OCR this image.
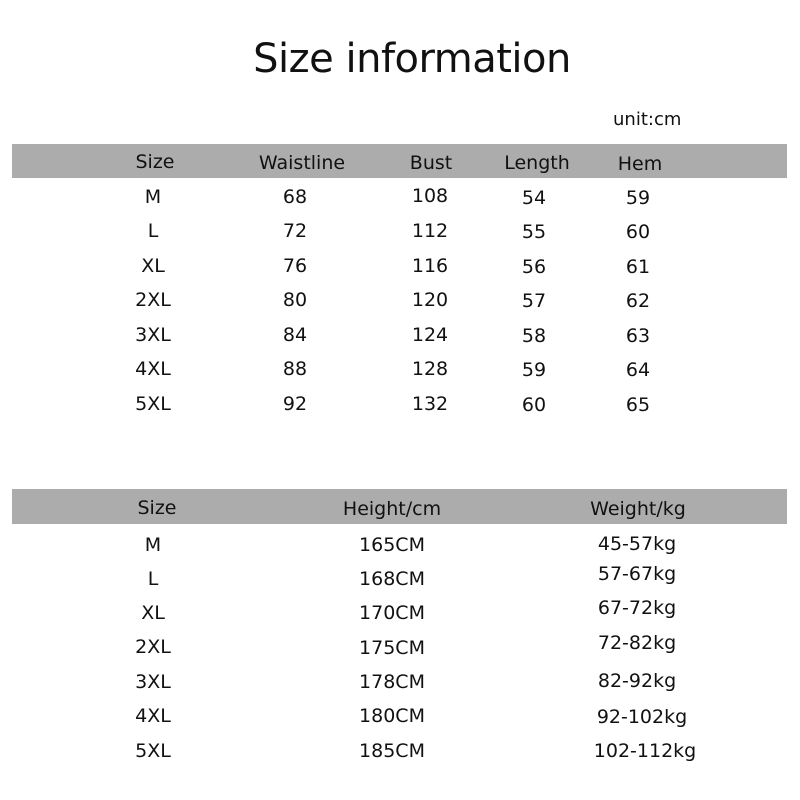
Size information
unit:cm
Size	Waistline	Bust	Length	Hem
M	68	108	54	59
L	72	112	55	60
XL	76	116	56	61
2XL	80	120	57	62
3XL	84	124	58	63
4XL	88	128	59	64
5XL	92	132	60	65
Size	Height/cm	Weight/kg
M	165CM	45-57kg
L	168CM	57-67kg
XL	170CM	67-72kg
2XL	175CM	72-82kg
3XL	178CM	82-92kg
4XL	180CM	92-102kg
5XL	185CM	102-112kg
